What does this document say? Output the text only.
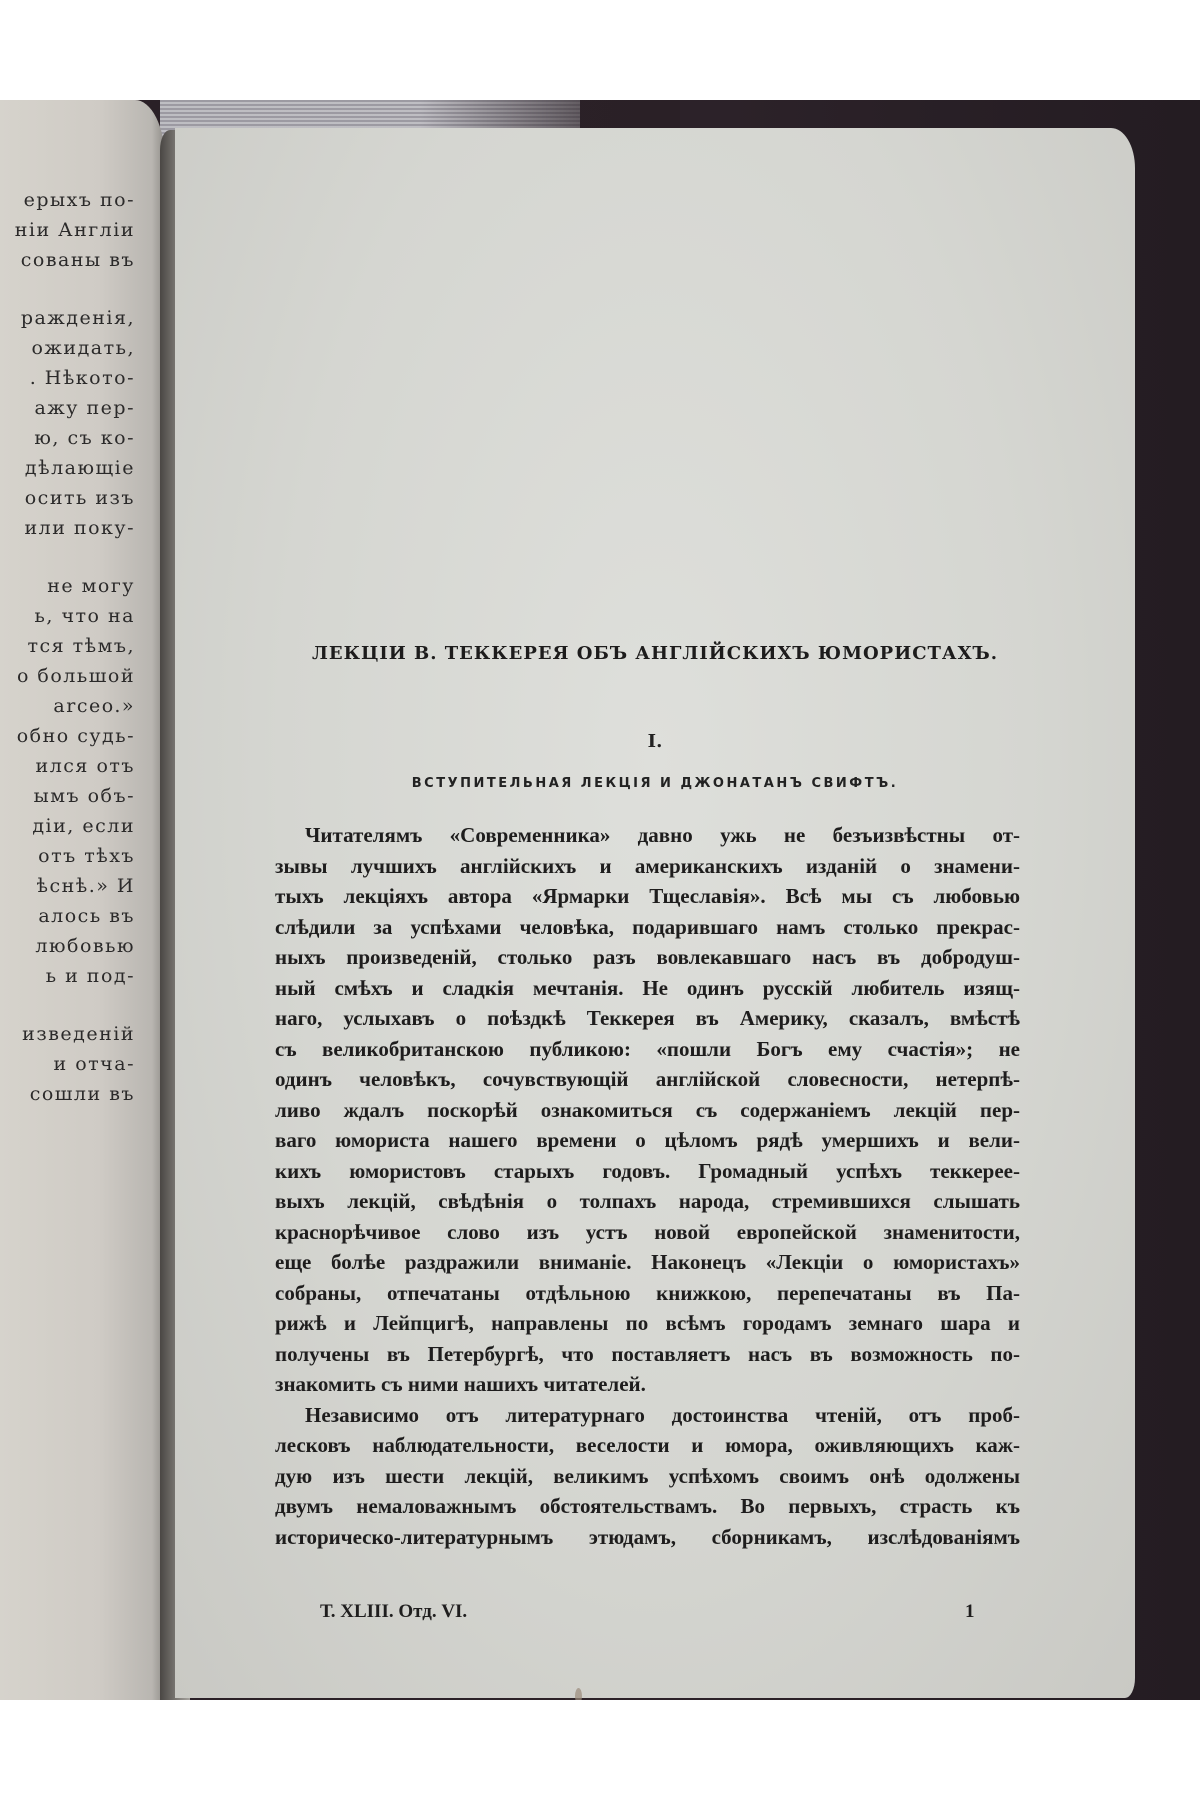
ерыхъ по-
ніи Англіи
сованы въ
ражденія,
ожидать,
. Нѣкото-
ажу пер-
ю, съ ко-
дѣлающіе
осить изъ
или поку-
не могу
ь, что на
тся тѣмъ,
о большой
arceo.»
обно судь-
ился отъ
ымъ объ-
діи, если
отъ тѣхъ
ѣснѣ.» И
алось въ
любовью
ь и под-
изведеній
и отча-
сошли въ
ЛЕКЦІИ В. ТЕККЕРЕЯ ОБЪ АНГЛІЙСКИХЪ ЮМОРИСТАХЪ.
I.
ВСТУПИТЕЛЬНАЯ ЛЕКЦІЯ И ДЖОНАТАНЪ СВИФТЪ.
Читателямъ «Современника» давно ужь не безъизвѣстны от-
зывы лучшихъ англійскихъ и американскихъ изданій о знамени-
тыхъ лекціяхъ автора «Ярмарки Тщеславія». Всѣ мы съ любовью
слѣдили за успѣхами человѣка, подарившаго намъ столько прекрас-
ныхъ произведеній, столько разъ вовлекавшаго насъ въ добродуш-
ный смѣхъ и сладкія мечтанія. Не одинъ русскій любитель изящ-
наго, услыхавъ о поѣздкѣ Теккерея въ Америку, сказалъ, вмѣстѣ
съ великобританскою публикою: «пошли Богъ ему счастія»; не
одинъ человѣкъ, сочувствующій англійской словесности, нетерпѣ-
ливо ждалъ поскорѣй ознакомиться съ содержаніемъ лекцій пер-
ваго юмориста нашего времени о цѣломъ рядѣ умершихъ и вели-
кихъ юмористовъ старыхъ годовъ. Громадный успѣхъ теккерее-
выхъ лекцій, свѣдѣнія о толпахъ народа, стремившихся слышать
краснорѣчивое слово изъ устъ новой европейской знаменитости,
еще болѣе раздражили вниманіе. Наконецъ «Лекціи о юмористахъ»
собраны, отпечатаны отдѣльною книжкою, перепечатаны въ Па-
рижѣ и Лейпцигѣ, направлены по всѣмъ городамъ земнаго шара и
получены въ Петербургѣ, что поставляетъ насъ въ возможность по-
знакомить съ ними нашихъ читателей.
Независимо отъ литературнаго достоинства чтеній, отъ проб-
лесковъ наблюдательности, веселости и юмора, оживляющихъ каж-
дую изъ шести лекцій, великимъ успѣхомъ своимъ онѣ одолжены
двумъ немаловажнымъ обстоятельствамъ. Во первыхъ, страсть къ
историческо-литературнымъ этюдамъ, сборникамъ, изслѣдованіямъ
Т. XLIII. Отд. VI.	1
